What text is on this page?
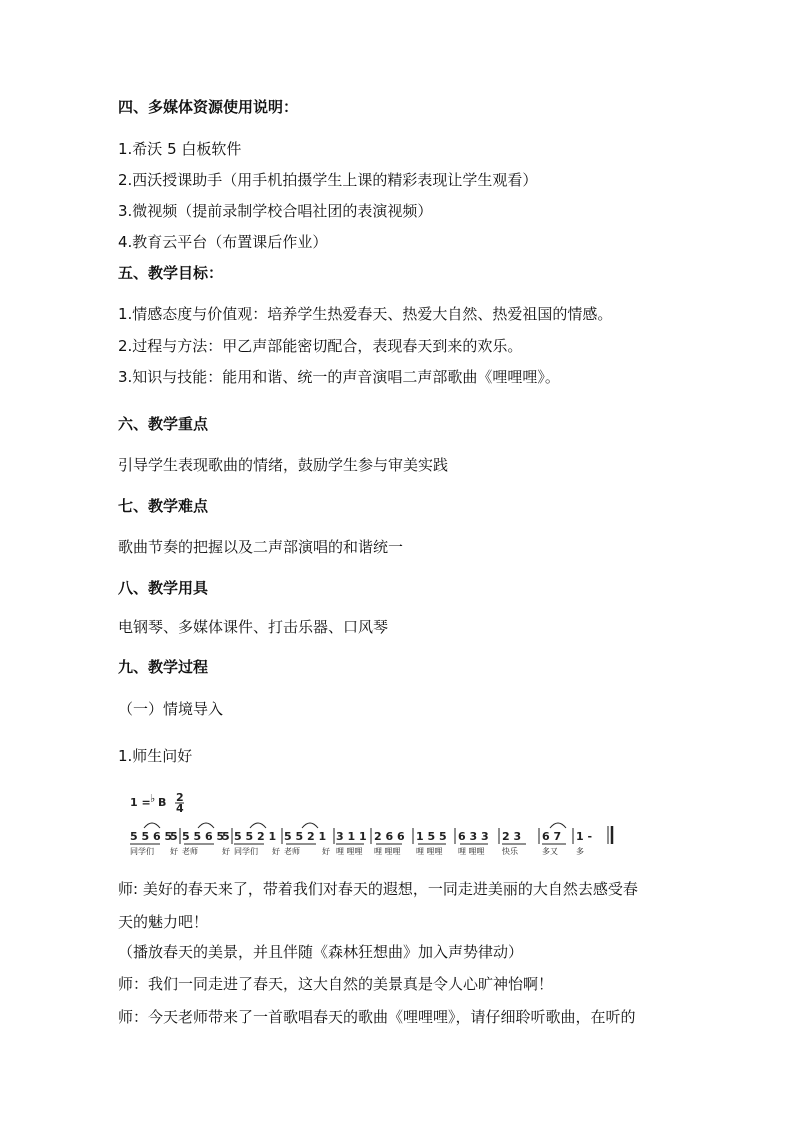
四、多媒体资源使用说明：
1.希沃 5 白板软件
2.西沃授课助手（用手机拍摄学生上课的精彩表现让学生观看）
3.微视频（提前录制学校合唱社团的表演视频）
4.教育云平台（布置课后作业）
五、教学目标：
1.情感态度与价值观：培养学生热爱春天、热爱大自然、热爱祖国的情感。
2.过程与方法：甲乙声部能密切配合，表现春天到来的欢乐。
3.知识与技能：能用和谐、统一的声音演唱二声部歌曲《哩哩哩》。
六、教学重点
引导学生表现歌曲的情绪，鼓励学生参与审美实践
七、教学难点
歌曲节奏的把握以及二声部演唱的和谐统一
八、教学用具
电钢琴、多媒体课件、打击乐器、口风琴
九、教学过程
（一）情境导入
1.师生问好
1 = ♭ B 2
4
5 5 6 5
同学们
5
好
5 5 6 5
老师
5
好
5 5 2 1
同学们 好
5 5 2 1
老师	好
3 1 1
哩 哩哩
2 6 6
哩 哩哩
1 5 5
哩 哩哩
6 3 3
哩 哩哩
2 3
快乐
6 7
多又
1 -
多
师: 美好的春天来了，带着我们对春天的遐想，一同走进美丽的大自然去感受春
天的魅力吧！
（播放春天的美景，并且伴随《森林狂想曲》加入声势律动）
师：我们一同走进了春天，这大自然的美景真是令人心旷神怡啊！
师：今天老师带来了一首歌唱春天的歌曲《哩哩哩》，请仔细聆听歌曲，在听的
